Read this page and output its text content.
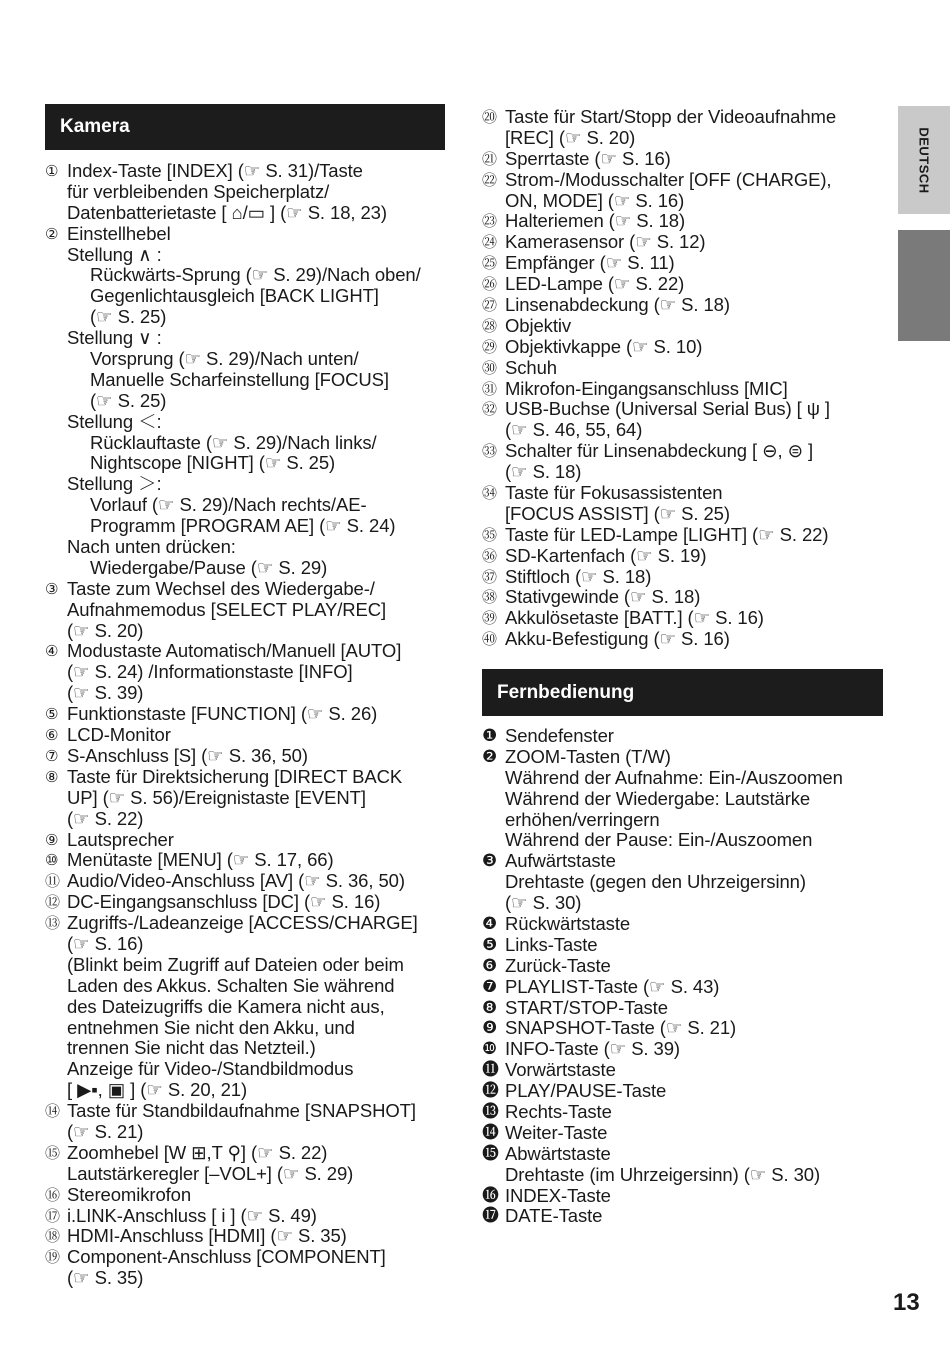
Kamera
① Index-Taste [INDEX] (☞ S. 31)/Taste
für verbleibenden Speicherplatz/
Datenbatterietaste [ ⌂/▭ ] (☞ S. 18, 23)
② Einstellhebel
Stellung ∧ :
Rückwärts-Sprung (☞ S. 29)/Nach oben/
Gegenlichtausgleich [BACK LIGHT]
(☞ S. 25)
Stellung ∨ :
Vorsprung (☞ S. 29)/Nach unten/
Manuelle Scharfeinstellung [FOCUS]
(☞ S. 25)
Stellung ＜:
Rücklauftaste (☞ S. 29)/Nach links/
Nightscope [NIGHT] (☞ S. 25)
Stellung ＞:
Vorlauf (☞ S. 29)/Nach rechts/AE-
Programm [PROGRAM AE] (☞ S. 24)
Nach unten drücken:
Wiedergabe/Pause (☞ S. 29)
③ Taste zum Wechsel des Wiedergabe-/
Aufnahmemodus [SELECT PLAY/REC]
(☞ S. 20)
④ Modustaste Automatisch/Manuell [AUTO]
(☞ S. 24) /Informationstaste [INFO]
(☞ S. 39)
⑤ Funktionstaste [FUNCTION] (☞ S. 26)
⑥ LCD-Monitor
⑦ S-Anschluss [S] (☞ S. 36, 50)
⑧ Taste für Direktsicherung [DIRECT BACK
UP] (☞ S. 56)/Ereignistaste [EVENT]
(☞ S. 22)
⑨ Lautsprecher
⑩ Menütaste [MENU] (☞ S. 17, 66)
⑪ Audio/Video-Anschluss [AV] (☞ S. 36, 50)
⑫ DC-Eingangsanschluss [DC] (☞ S. 16)
⑬ Zugriffs-/Ladeanzeige [ACCESS/CHARGE]
(☞ S. 16)
(Blinkt beim Zugriff auf Dateien oder beim
Laden des Akkus. Schalten Sie während
des Dateizugriffs die Kamera nicht aus,
entnehmen Sie nicht den Akku, und
trennen Sie nicht das Netzteil.)
Anzeige für Video-/Standbildmodus
[ ▶▪, ▣ ] (☞ S. 20, 21)
⑭ Taste für Standbildaufnahme [SNAPSHOT]
(☞ S. 21)
⑮ Zoomhebel [W ⊞,T ⚲] (☞ S. 22)
Lautstärkeregler [–VOL+] (☞ S. 29)
⑯ Stereomikrofon
⑰ i.LINK-Anschluss [ i ] (☞ S. 49)
⑱ HDMI-Anschluss [HDMI] (☞ S. 35)
⑲ Component-Anschluss [COMPONENT]
(☞ S. 35)
⑳ Taste für Start/Stopp der Videoaufnahme
[REC] (☞ S. 20)
㉑ Sperrtaste (☞ S. 16)
㉒ Strom-/Modusschalter [OFF (CHARGE),
ON, MODE] (☞ S. 16)
㉓ Halteriemen (☞ S. 18)
㉔ Kamerasensor (☞ S. 12)
㉕ Empfänger (☞ S. 11)
㉖ LED-Lampe (☞ S. 22)
㉗ Linsenabdeckung (☞ S. 18)
㉘ Objektiv
㉙ Objektivkappe (☞ S. 10)
㉚ Schuh
㉛ Mikrofon-Eingangsanschluss [MIC]
㉜ USB-Buchse (Universal Serial Bus) [ ψ ]
(☞ S. 46, 55, 64)
㉝ Schalter für Linsenabdeckung [ ⊖, ⊜ ]
(☞ S. 18)
㉞ Taste für Fokusassistenten
[FOCUS ASSIST] (☞ S. 25)
㉟ Taste für LED-Lampe [LIGHT] (☞ S. 22)
㊱ SD-Kartenfach (☞ S. 19)
㊲ Stiftloch (☞ S. 18)
㊳ Stativgewinde (☞ S. 18)
㊴ Akkulösetaste [BATT.] (☞ S. 16)
㊵ Akku-Befestigung (☞ S. 16)
Fernbedienung
❶ Sendefenster
❷ ZOOM-Tasten (T/W)
Während der Aufnahme: Ein-/Auszoomen
Während der Wiedergabe: Lautstärke
erhöhen/verringern
Während der Pause: Ein-/Auszoomen
❸ Aufwärtstaste
Drehtaste (gegen den Uhrzeigersinn)
(☞ S. 30)
❹ Rückwärtstaste
❺ Links-Taste
❻ Zurück-Taste
❼ PLAYLIST-Taste (☞ S. 43)
❽ START/STOP-Taste
❾ SNAPSHOT-Taste (☞ S. 21)
❿ INFO-Taste (☞ S. 39)
⓫ Vorwärtstaste
⓬ PLAY/PAUSE-Taste
⓭ Rechts-Taste
⓮ Weiter-Taste
⓯ Abwärtstaste
Drehtaste (im Uhrzeigersinn) (☞ S. 30)
⓰ INDEX-Taste
⓱ DATE-Taste
DEUTSCH
13
